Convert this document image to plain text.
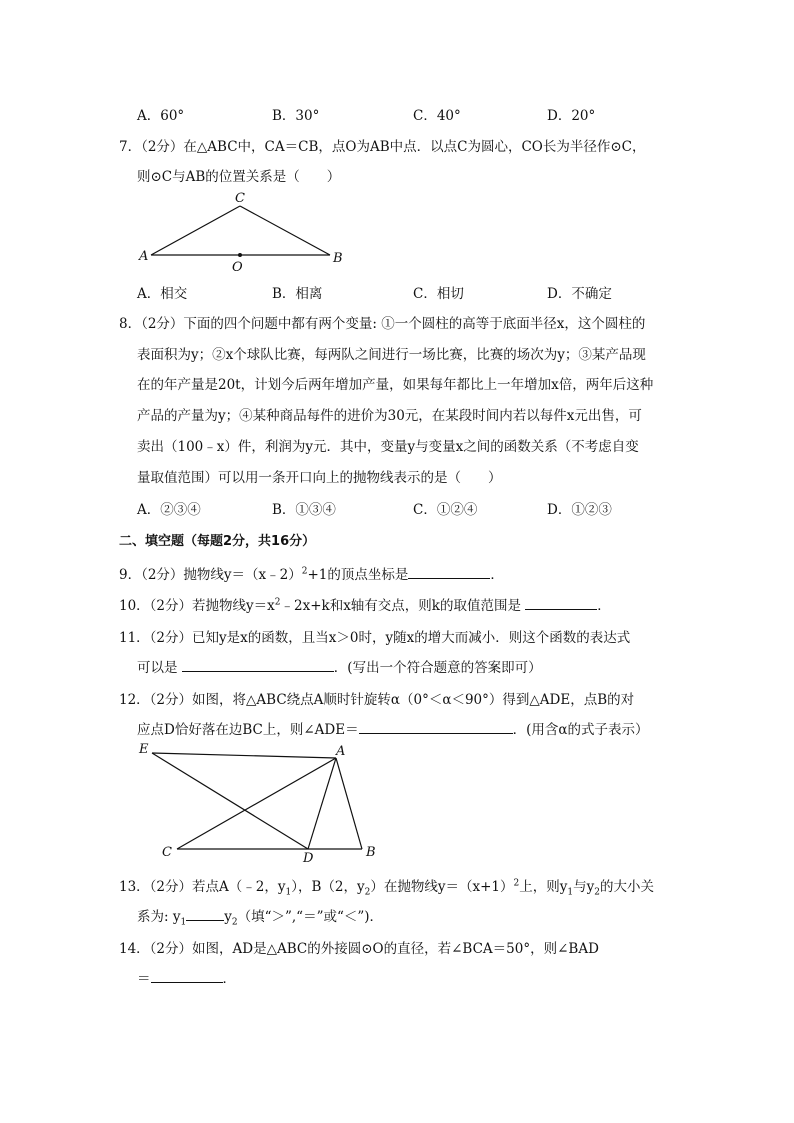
A．60°	B．30°	C．40°	D．20°
7．（2分）在△ABC中，CA＝CB，点O为AB中点．以点C为圆心，CO长为半径作⊙C，
则⊙C与AB的位置关系是（　　）
C
A	B
O
A．相交	B．相离	C．相切	D．不确定
8．（2分）下面的四个问题中都有两个变量: ①一个圆柱的高等于底面半径x，这个圆柱的
表面积为y；②x个球队比赛，每两队之间进行一场比赛，比赛的场次为y；③某产品现
在的年产量是20t，计划今后两年增加产量，如果每年都比上一年增加x倍，两年后这种
产品的产量为y；④某种商品每件的进价为30元，在某段时间内若以每件x元出售，可
卖出（100﹣x）件，利润为y元．其中，变量y与变量x之间的函数关系（不考虑自变
量取值范围）可以用一条开口向上的抛物线表示的是（　　）
A．②③④	B．①③④	C．①②④	D．①②③
二、填空题（每题2分，共16分）
9．（2分）抛物线y＝（x﹣2）$^2$+1的顶点坐标是	．
10．（2分）若抛物线$y=x^2﹣2x+k$和x轴有交点，则k的取值范围是	．
11．（2分）已知y是x的函数，且当x＞0时，y随x的增大而减小．则这个函数的表达式
可以是	．(写出一个符合题意的答案即可）
12．（2分）如图，将△ABC绕点A顺时针旋转α（0°＜α＜90°）得到△ADE，点B的对
应点D恰好落在边BC上，则∠ADE＝	．(用含α的式子表示）
E	A
C	D	B
13．（2分）若点A（﹣2，$y_1$），B（2，$y_2$）在抛物线$y=(x+1)^2$上，则$y_1$与$y_2$的大小关
系为: $y_1$	$y_2$（填“＞”,“＝”或“＜”)．
14．（2分）如图，AD是△ABC的外接圆⊙O的直径，若∠BCA＝50°，则∠BAD
＝	．
